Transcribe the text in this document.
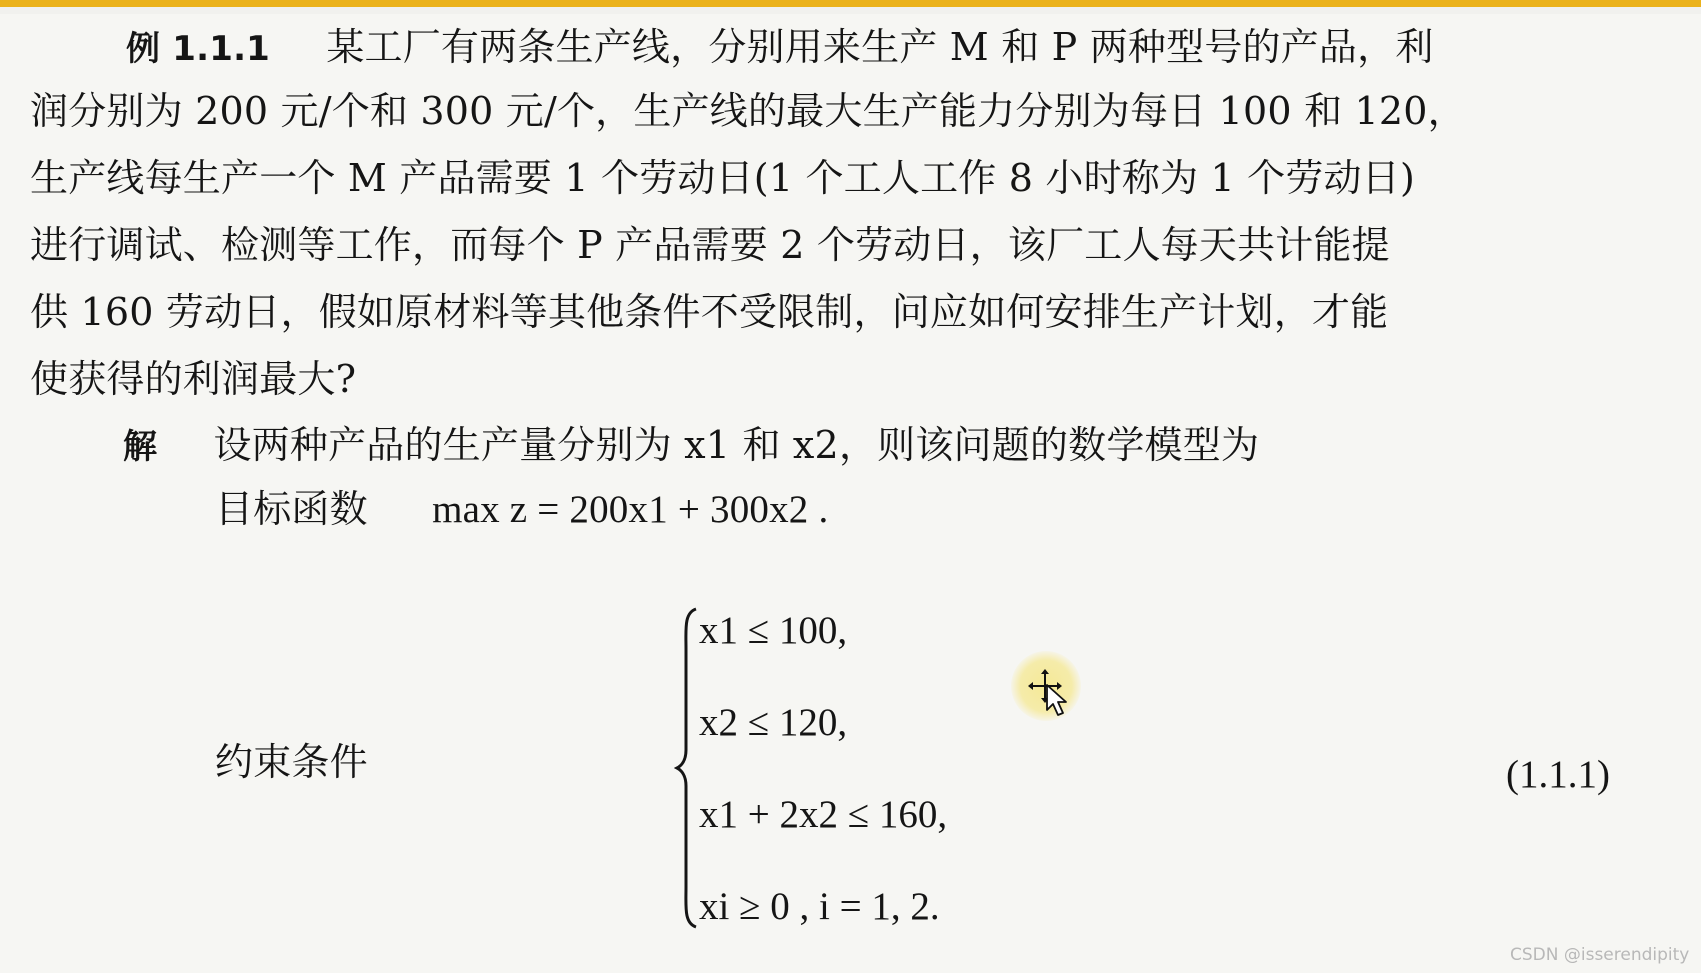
例 1.1.1 某工厂有两条生产线，分别用来生产 M 和 P 两种型号的产品，利
润分别为 200 元/个和 300 元/个，生产线的最大生产能力分别为每日 100 和 120，
生产线每生产一个 M 产品需要 1 个劳动日(1 个工人工作 8 小时称为 1 个劳动日)
进行调试、检测等工作，而每个 P 产品需要 2 个劳动日，该厂工人每天共计能提
供 160 劳动日，假如原材料等其他条件不受限制，问应如何安排生产计划，才能
使获得的利润最大?
解 设两种产品的生产量分别为 x1 和 x2，则该问题的数学模型为
目标函数 max z = 200x1 + 300x2 .
约束条件
x1 ≤ 100,
x2 ≤ 120,
x1 + 2x2 ≤ 160,
xi ≥ 0 , i = 1, 2.
(1.1.1)
CSDN @isserendipity
